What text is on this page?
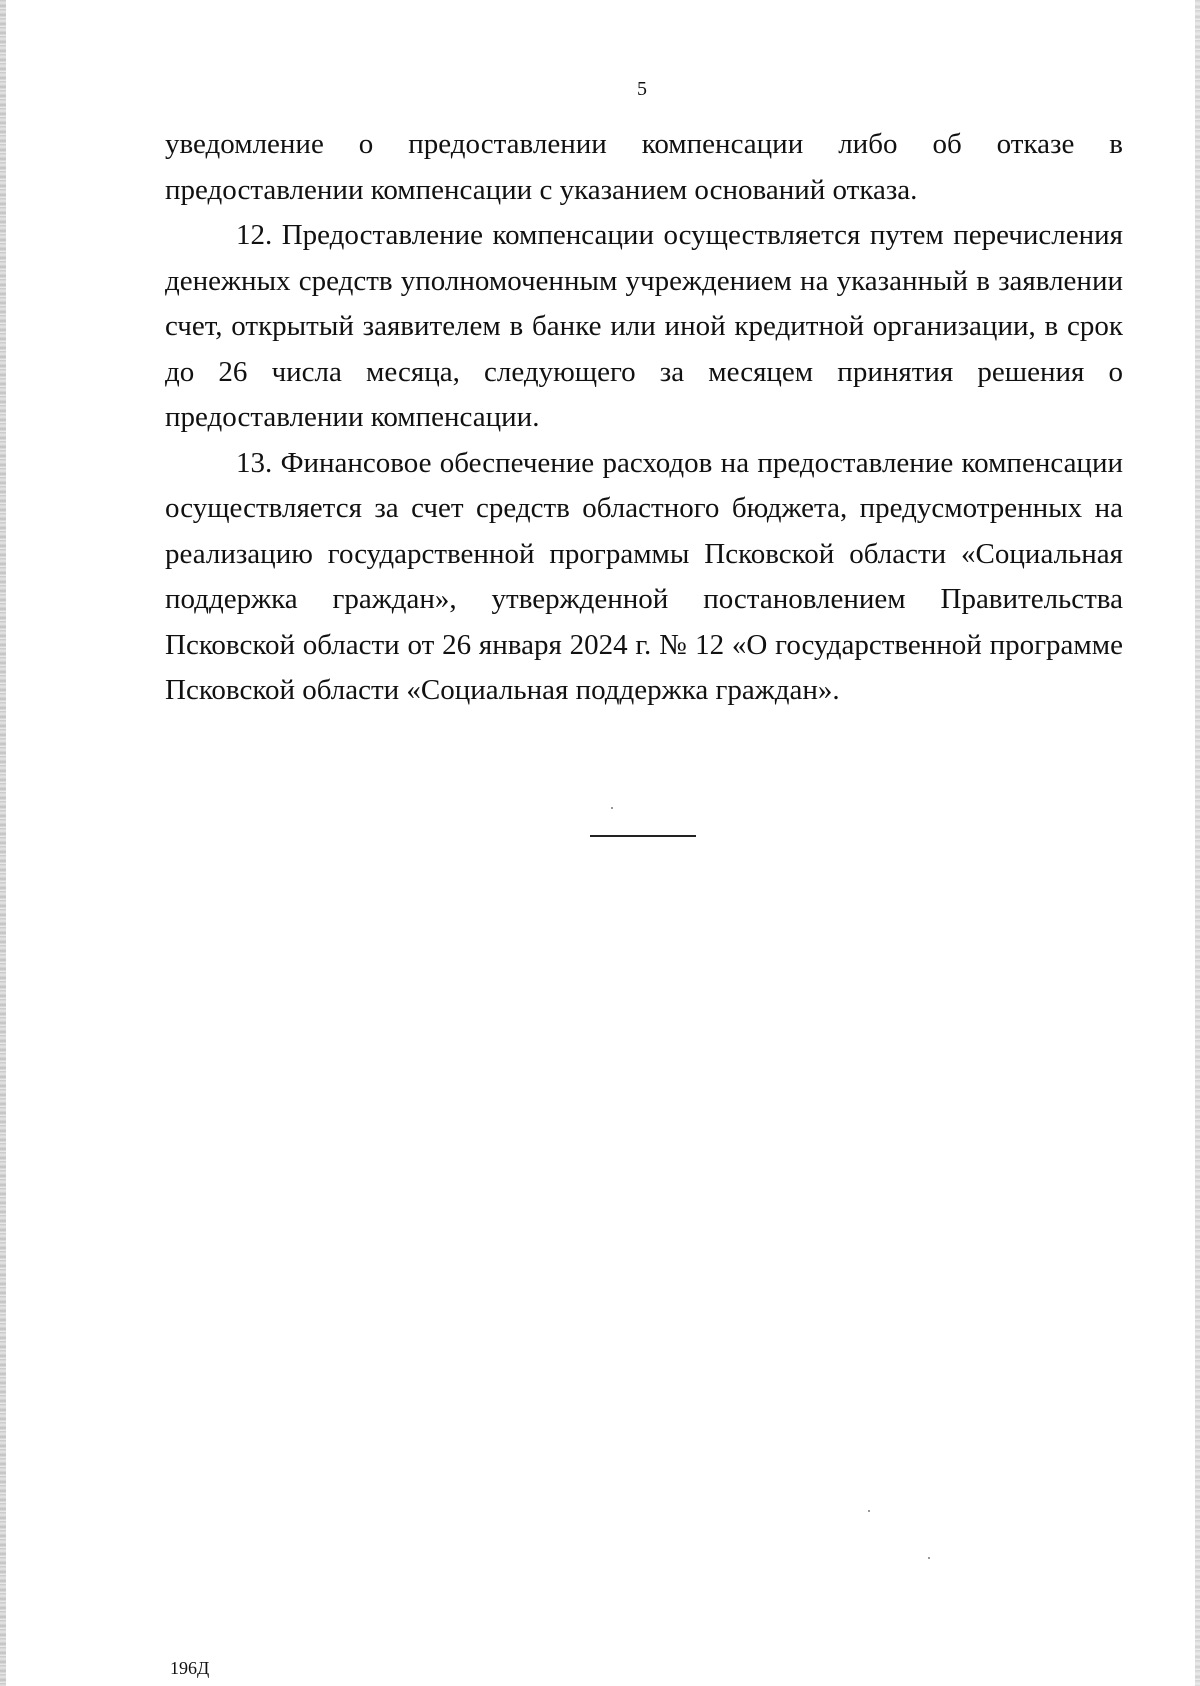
5

уведомление о предоставлении компенсации либо об отказе в предоставлении компенсации с указанием оснований отказа.

12. Предоставление компенсации осуществляется путем перечисления денежных средств уполномоченным учреждением на указанный в заявлении счет, открытый заявителем в банке или иной кредитной организации, в срок до 26 числа месяца, следующего за месяцем принятия решения о предоставлении компенсации.

13. Финансовое обеспечение расходов на предоставление компенсации осуществляется за счет средств областного бюджета, предусмотренных на реализацию государственной программы Псковской области «Социальная поддержка граждан», утвержденной постановлением Правительства Псковской области от 26 января 2024 г. № 12 «О государственной программе Псковской области «Социальная поддержка граждан».

196Д
